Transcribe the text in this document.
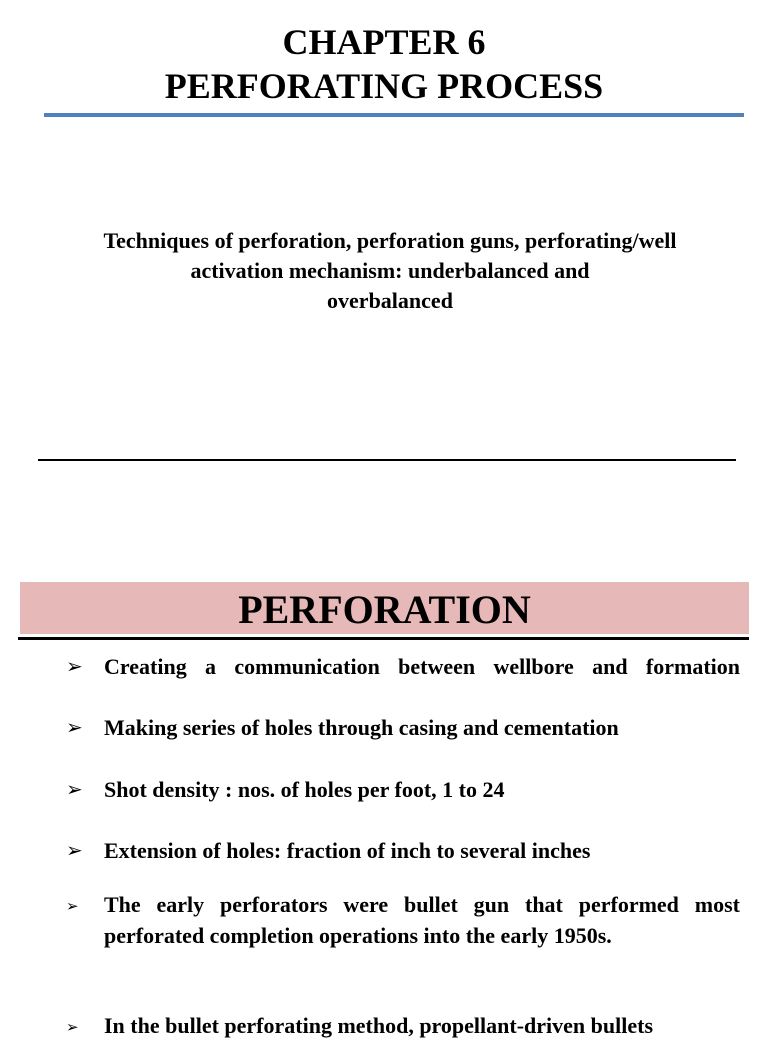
CHAPTER 6
PERFORATING PROCESS
Techniques of perforation, perforation guns, perforating/well
activation mechanism: underbalanced and
overbalanced
PERFORATION
➢ Creating a communication between wellbore and formation
➢ Making series of holes through casing and cementation
➢ Shot density : nos. of holes per foot, 1 to 24
➢ Extension of holes: fraction of inch to several inches
➢	The early perforators were bullet gun that performed most perforated completion operations into the early 1950s.
➢	In the bullet perforating method, propellant-driven bullets
